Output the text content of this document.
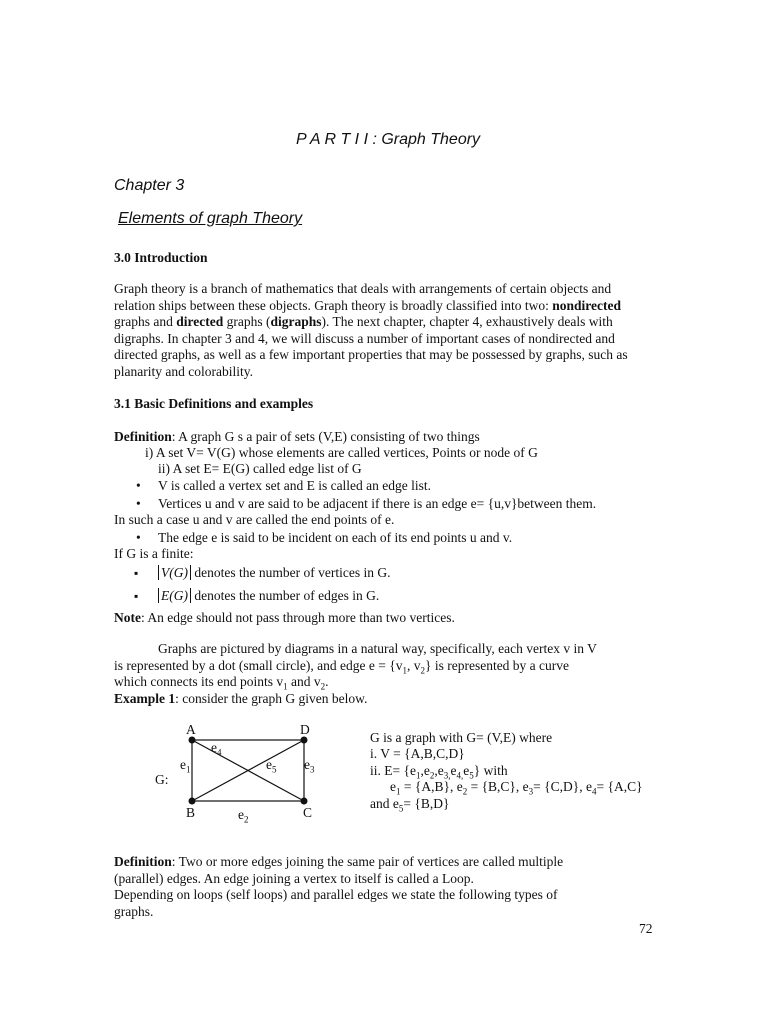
P A R T I I : Graph Theory
Chapter 3
Elements of graph Theory
3.0 Introduction
Graph theory is a branch of mathematics that deals with arrangements of certain objects and relation ships between these objects. Graph theory is broadly classified into two: nondirected graphs and directed graphs (digraphs). The next chapter, chapter 4, exhaustively deals with digraphs. In chapter 3 and 4, we will discuss a number of important cases of nondirected and directed graphs, as well as a few important properties that may be possessed by graphs, such as planarity and colorability.
3.1 Basic Definitions and examples
Definition: A graph G s a pair of sets (V,E) consisting of two things
i) A set V= V(G) whose elements are called vertices, Points or node of G
ii) A set E= E(G) called edge list of G
• V is called a vertex set and E is called an edge list.
• Vertices u and v are said to be adjacent if there is an edge e= {u,v}between them.
In such a case u and v are called the end points of e.
• The edge e is said to be incident on each of its end points u and v.
If G is a finite:
▪ V(G) denotes the number of vertices in G.
▪ E(G) denotes the number of edges in G.
Note: An edge should not pass through more than two vertices.
Graphs are pictured by diagrams in a natural way, specifically, each vertex v in V
is represented by a dot (small circle), and edge $e = \{v_1$, $v_2$} is represented by a curve
which connects its end points $v_1$ and $v_2$.
Example 1: consider the graph G given below.
A	D
B	C
G:
$e_1$
$e_2$
$e_3$
$e_4$
$e_5$
G is a graph with G= (V,E) where
i. V = {A,B,C,D}
ii. $E= \{e_1,e_2,e_{3,}e_{4,}e_5\}$ with
$e_1 = \{A,B\}$, $e_2 = \{B,C\}$, $e_3= \{C,D\}$, $e_4= \{A,C\}$
and $e_5= \{B,D\}$
Definition: Two or more edges joining the same pair of vertices are called multiple
(parallel) edges. An edge joining a vertex to itself is called a Loop.
Depending on loops (self loops) and parallel edges we state the following types of
graphs.
72
